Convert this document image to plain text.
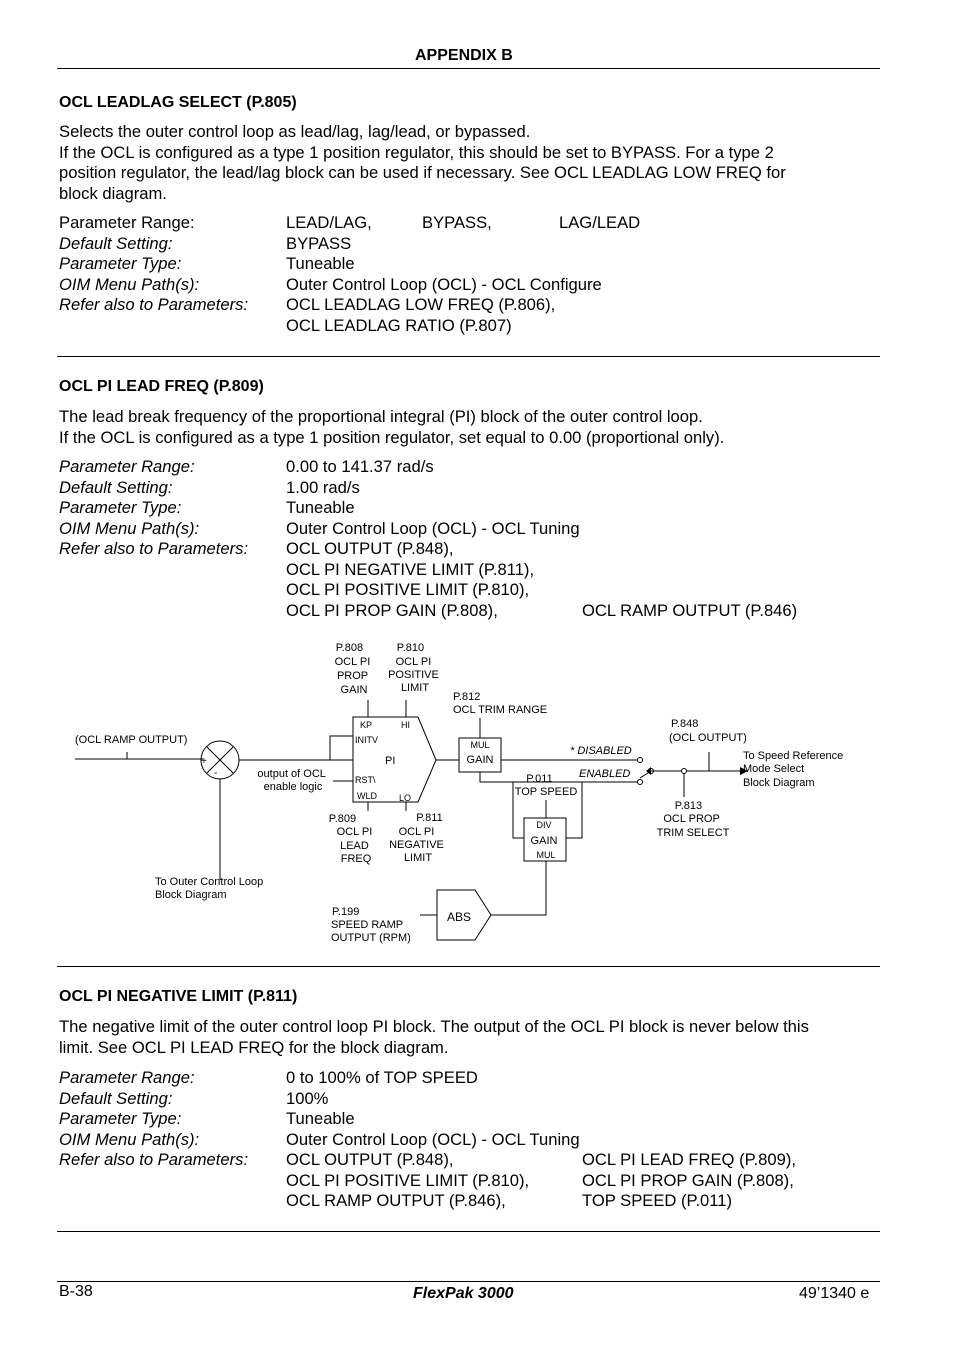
APPENDIX B
OCL LEADLAG SELECT (P.805)
Selects the outer control loop as lead/lag, lag/lead, or bypassed.
If the OCL is configured as a type 1 position regulator, this should be set to BYPASS. For a type 2
position regulator, the lead/lag block can be used if necessary. See OCL LEADLAG LOW FREQ for
block diagram.
Parameter Range:	LEAD/LAG,	BYPASS,	LAG/LEAD
Default Setting:	BYPASS
Parameter Type:	Tuneable
OIM Menu Path(s):	Outer Control Loop (OCL) - OCL Configure
Refer also to Parameters: OCL LEADLAG LOW FREQ (P.806),
OCL LEADLAG RATIO (P.807)
OCL PI LEAD FREQ (P.809)
The lead break frequency of the proportional integral (PI) block of the outer control loop.
If the OCL is configured as a type 1 position regulator, set equal to 0.00 (proportional only).
Parameter Range:	0.00 to 141.37 rad/s
Default Setting:	1.00 rad/s
Parameter Type:	Tuneable
OIM Menu Path(s):	Outer Control Loop (OCL) - OCL Tuning
Refer also to Parameters: OCL OUTPUT (P.848),
OCL PI NEGATIVE LIMIT (P.811),
OCL PI POSITIVE LIMIT (P.810),
OCL PI PROP GAIN (P.808),	OCL RAMP OUTPUT (P.846)
P.808 OCL PI PROP GAIN
P.810 OCL PI POSITIVE LIMIT
P.812 OCL TRIM RANGE
P.848 (OCL OUTPUT)
(OCL RAMP OUTPUT)
+
-	output of OCL enable logic
KP	HI
INITV
PI
RST\
WLD LO
MUL
GAIN
* DISABLED
ENABLED
P.011 TOP SPEED
DIV
GAIN
MUL
To Speed Reference Mode Select Block Diagram
P.813 OCL PROP TRIM SELECT
P.809 OCL PI LEAD FREQ
P.811 OCL PI NEGATIVE LIMIT
To Outer Control Loop Block Diagram
P.199 SPEED RAMP OUTPUT (RPM)
ABS
OCL PI NEGATIVE LIMIT (P.811)
The negative limit of the outer control loop PI block. The output of the OCL PI block is never below this
limit. See OCL PI LEAD FREQ for the block diagram.
Parameter Range:	0 to 100% of TOP SPEED
Default Setting:	100%
Parameter Type:	Tuneable
OIM Menu Path(s):	Outer Control Loop (OCL) - OCL Tuning
Refer also to Parameters: OCL OUTPUT (P.848),	OCL PI LEAD FREQ (P.809),
OCL PI POSITIVE LIMIT (P.810),	OCL PI PROP GAIN (P.808),
OCL RAMP OUTPUT (P.846),	TOP SPEED (P.011)
B-38	FlexPak 3000	49’1340 e
